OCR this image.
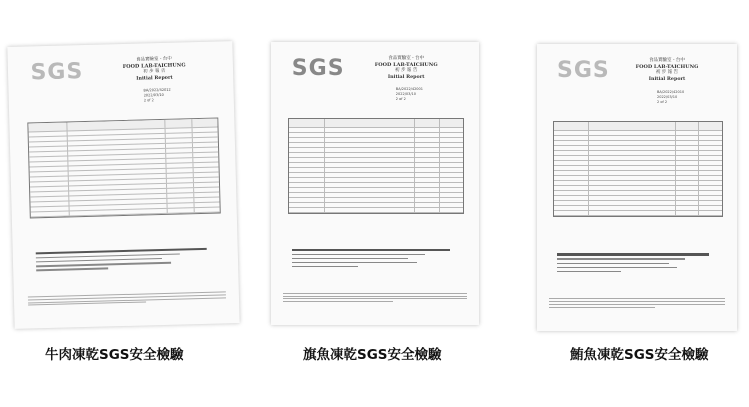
SGS	食品實驗室 - 台中
FOOD LAB-TAICHUNG
初 步 報 告
Initial Report
BA/2022/42012
2022/03/10
2 of 2
牛肉凍乾SGS安全檢驗
SGS	食品實驗室 - 台中
FOOD LAB-TAICHUNG
初 步 報 告
Initial Report
BA/2022/42001
2022/03/10
2 of 2
旗魚凍乾SGS安全檢驗
SGS	食品實驗室 - 台中
FOOD LAB-TAICHUNG
初 步 報 告
Initial Report
BA/2022/42010
2022/03/10
2 of 2
鮪魚凍乾SGS安全檢驗
